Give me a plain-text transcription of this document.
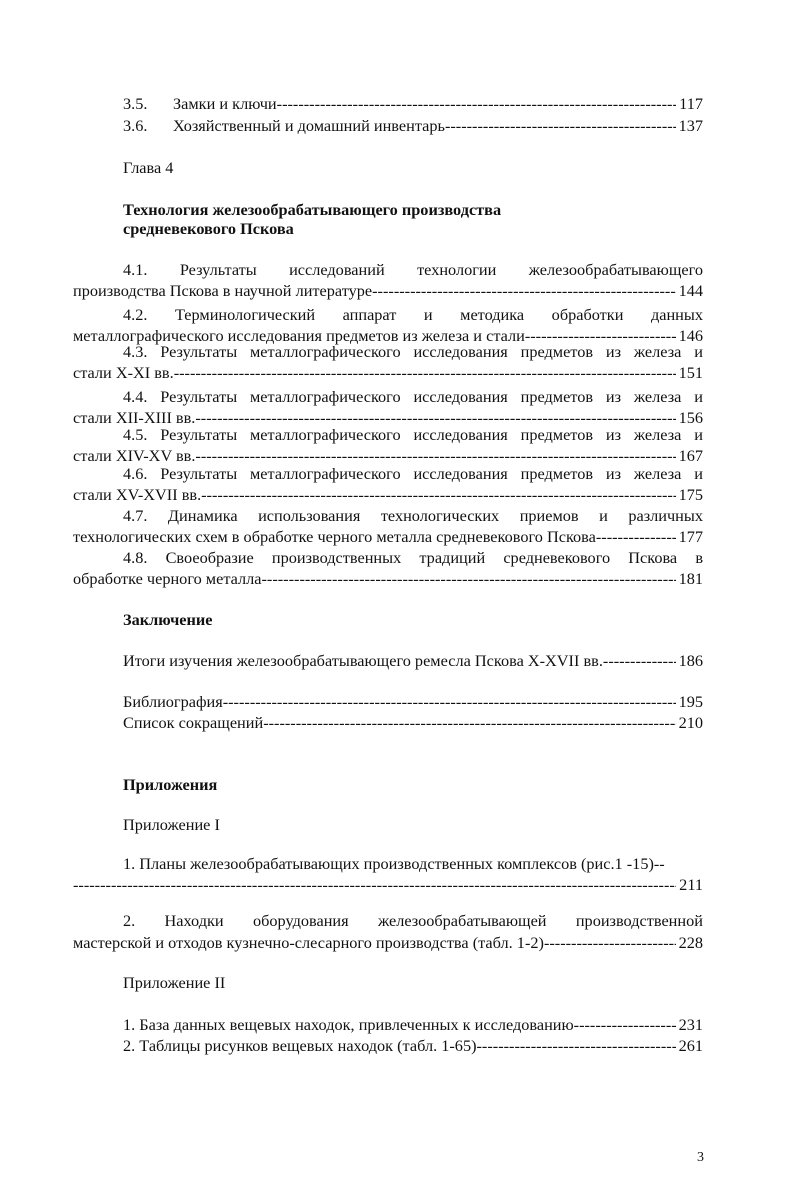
3.5.	Замки и ключи -----	117
3.6.	Хозяйственный и домашний инвентарь -----	137
Глава 4
Технология железообрабатывающего производства
средневекового Пскова
4.1. Результаты исследований технологии железообрабатывающего
производства Пскова в научной литературе -----	144
4.2. Терминологический аппарат и методика обработки данных
металлографического исследования предметов из железа и стали -----	146
4.3. Результаты металлографического исследования предметов из железа и
стали X-XI вв. -----	151
4.4. Результаты металлографического исследования предметов из железа и
стали XII-XIII вв. -----	156
4.5. Результаты металлографического исследования предметов из железа и
стали XIV-XV вв. -----	167
4.6. Результаты металлографического исследования предметов из железа и
стали XV-XVII вв. -----	175
4.7. Динамика использования технологических приемов и различных
технологических схем в обработке черного металла средневекового Пскова -----	177
4.8. Своеобразие производственных традиций средневекового Пскова в
обработке черного металла -----	181
Заключение
Итоги изучения железообрабатывающего ремесла Пскова X-XVII вв. -----	186
Библиография -----	195
Список сокращений -----	210
Приложения
Приложение I
1. Планы железообрабатывающих производственных комплексов (рис.1 -15)--
-----
211
2. Находки оборудования железообрабатывающей производственной
мастерской и отходов кузнечно-слесарного производства (табл. 1-2) -----	228
Приложение II
1. База данных вещевых находок, привлеченных к исследованию -----	231
2. Таблицы рисунков вещевых находок (табл. 1-65) -----	261
3
